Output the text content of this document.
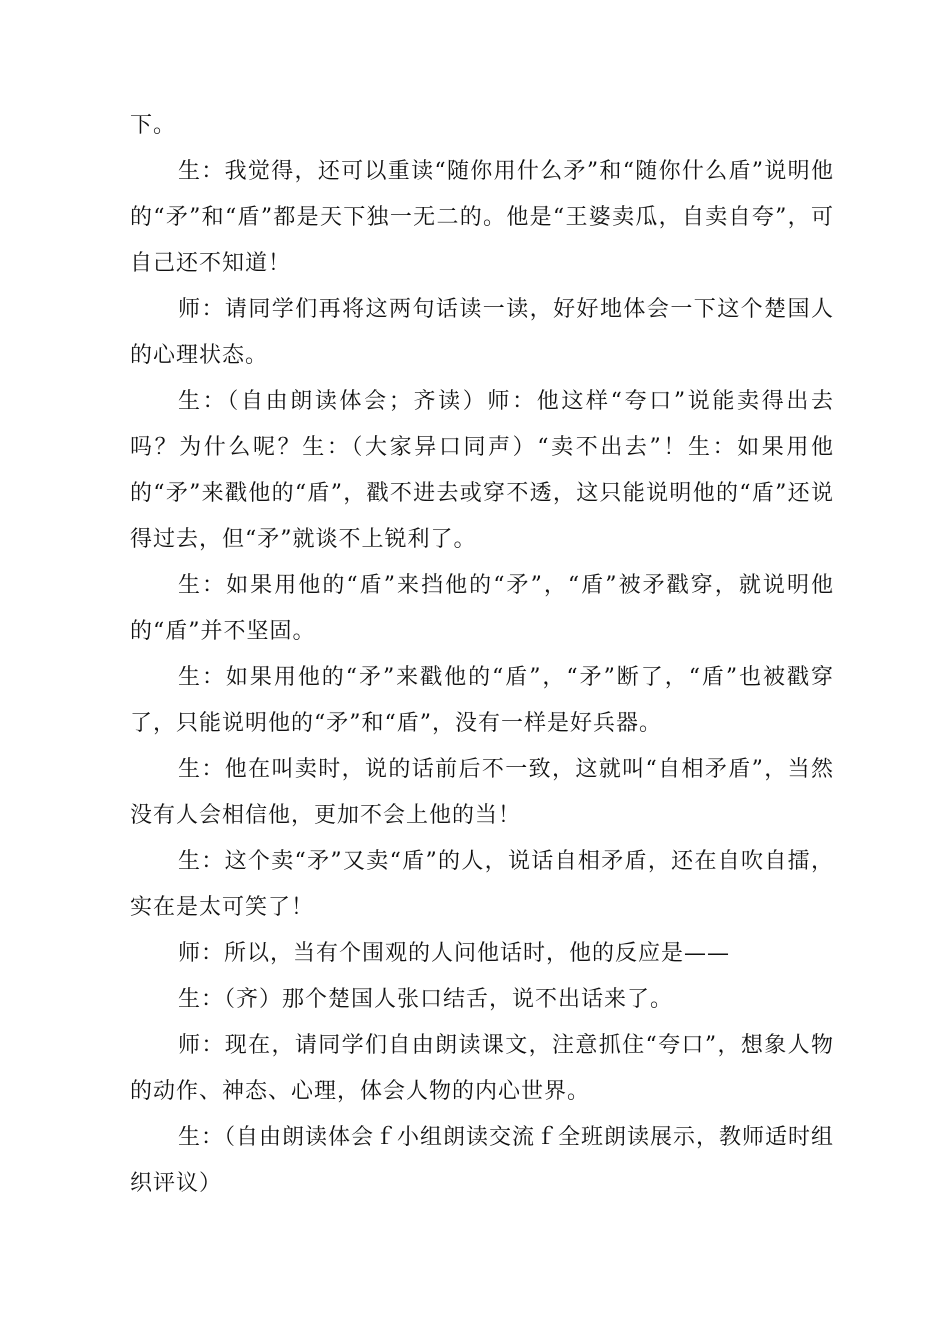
下。

生：我觉得，还可以重读“随你用什么矛”和“随你什么盾”说明他的“矛”和“盾”都是天下独一无二的。他是“王婆卖瓜，自卖自夸”，可自己还不知道！

师：请同学们再将这两句话读一读，好好地体会一下这个楚国人的心理状态。

生：（自由朗读体会；齐读）师：他这样“夸口”说能卖得出去吗？为什么呢？生：（大家异口同声）“卖不出去”！生：如果用他的“矛”来戳他的“盾”，戳不进去或穿不透，这只能说明他的“盾”还说得过去，但“矛”就谈不上锐利了。

生：如果用他的“盾”来挡他的“矛”，“盾”被矛戳穿，就说明他的“盾”并不坚固。

生：如果用他的“矛”来戳他的“盾”，“矛”断了，“盾”也被戳穿了，只能说明他的“矛”和“盾”，没有一样是好兵器。

生：他在叫卖时，说的话前后不一致，这就叫“自相矛盾”，当然没有人会相信他，更加不会上他的当！

生：这个卖“矛”又卖“盾”的人，说话自相矛盾，还在自吹自擂，实在是太可笑了！

师：所以，当有个围观的人问他话时，他的反应是——

生：（齐）那个楚国人张口结舌，说不出话来了。

师：现在，请同学们自由朗读课文，注意抓住“夸口”，想象人物的动作、神态、心理，体会人物的内心世界。

生：（自由朗读体会ｆ小组朗读交流ｆ全班朗读展示，教师适时组织评议）
